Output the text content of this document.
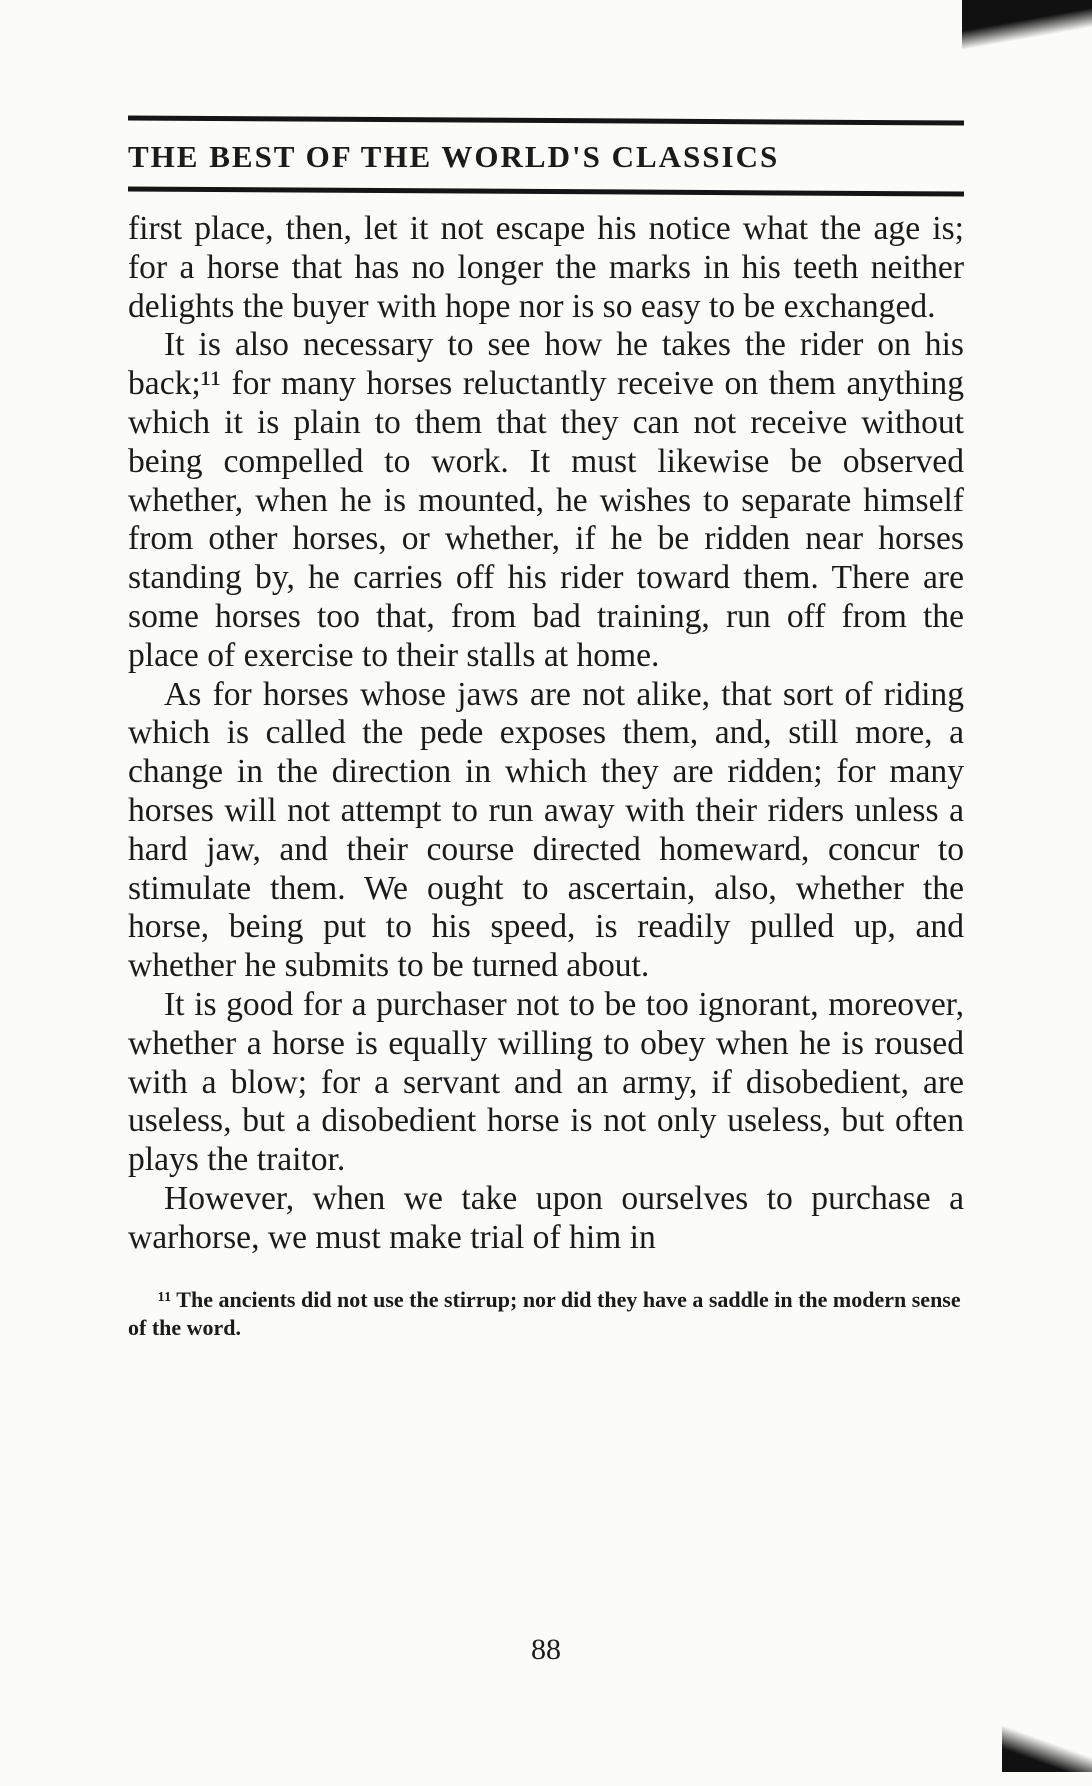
THE BEST OF THE WORLD'S CLASSICS

first place, then, let it not escape his notice what the age is; for a horse that has no longer the marks in his teeth neither delights the buyer with hope nor is so easy to be exchanged.

It is also necessary to see how he takes the rider on his back;¹¹ for many horses reluctantly receive on them anything which it is plain to them that they can not receive without being compelled to work. It must likewise be observed whether, when he is mounted, he wishes to separate himself from other horses, or whether, if he be ridden near horses standing by, he carries off his rider toward them. There are some horses too that, from bad training, run off from the place of exercise to their stalls at home.

As for horses whose jaws are not alike, that sort of riding which is called the pede exposes them, and, still more, a change in the direction in which they are ridden; for many horses will not attempt to run away with their riders unless a hard jaw, and their course directed homeward, concur to stimulate them. We ought to ascertain, also, whether the horse, being put to his speed, is readily pulled up, and whether he submits to be turned about.

It is good for a purchaser not to be too ignorant, moreover, whether a horse is equally willing to obey when he is roused with a blow; for a servant and an army, if disobedient, are useless, but a disobedient horse is not only useless, but often plays the traitor.

However, when we take upon ourselves to purchase a warhorse, we must make trial of him in

¹¹ The ancients did not use the stirrup; nor did they have a saddle in the modern sense of the word.
88
